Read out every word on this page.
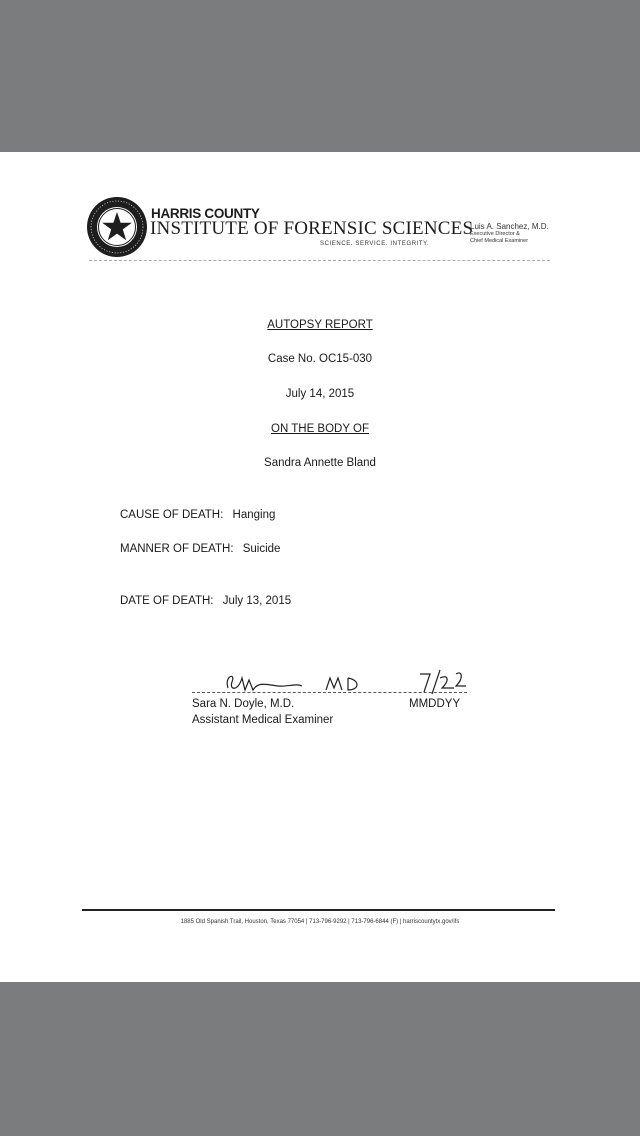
HARRIS COUNTY
INSTITUTE OF FORENSIC SCIENCES
SCIENCE. SERVICE. INTEGRITY.
Luis A. Sanchez, M.D.
Executive Director &
Chief Medical Examiner
AUTOPSY REPORT
Case No. OC15-030
July 14, 2015
ON THE BODY OF
Sandra Annette Bland
CAUSE OF DEATH: Hanging
MANNER OF DEATH: Suicide
DATE OF DEATH: July 13, 2015
Sara N. Doyle, M.D.
Assistant Medical Examiner
MMDDYY
1885 Old Spanish Trail, Houston, Texas 77054 | 713-796-9292 | 713-796-6844 (F) | harriscountytx.gov/ifs
